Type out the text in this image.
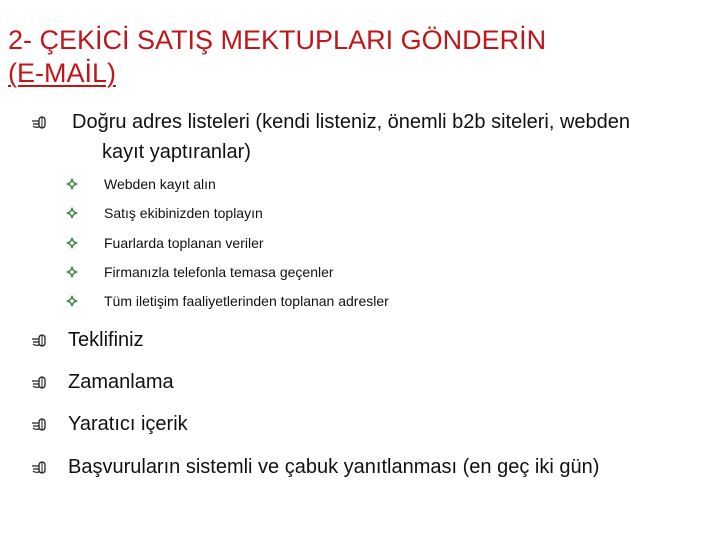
2- ÇEKİCİ SATIŞ MEKTUPLARI GÖNDERİN
(E-MAİL)
Doğru adres listeleri (kendi listeniz, önemli b2b siteleri, webden
kayıt yaptıranlar)
Webden kayıt alın
Satış ekibinizden toplayın
Fuarlarda toplanan veriler
Firmanızla telefonla temasa geçenler
Tüm iletişim faaliyetlerinden toplanan adresler
Teklifiniz
Zamanlama
Yaratıcı içerik
Başvuruların sistemli ve çabuk yanıtlanması (en geç iki gün)
